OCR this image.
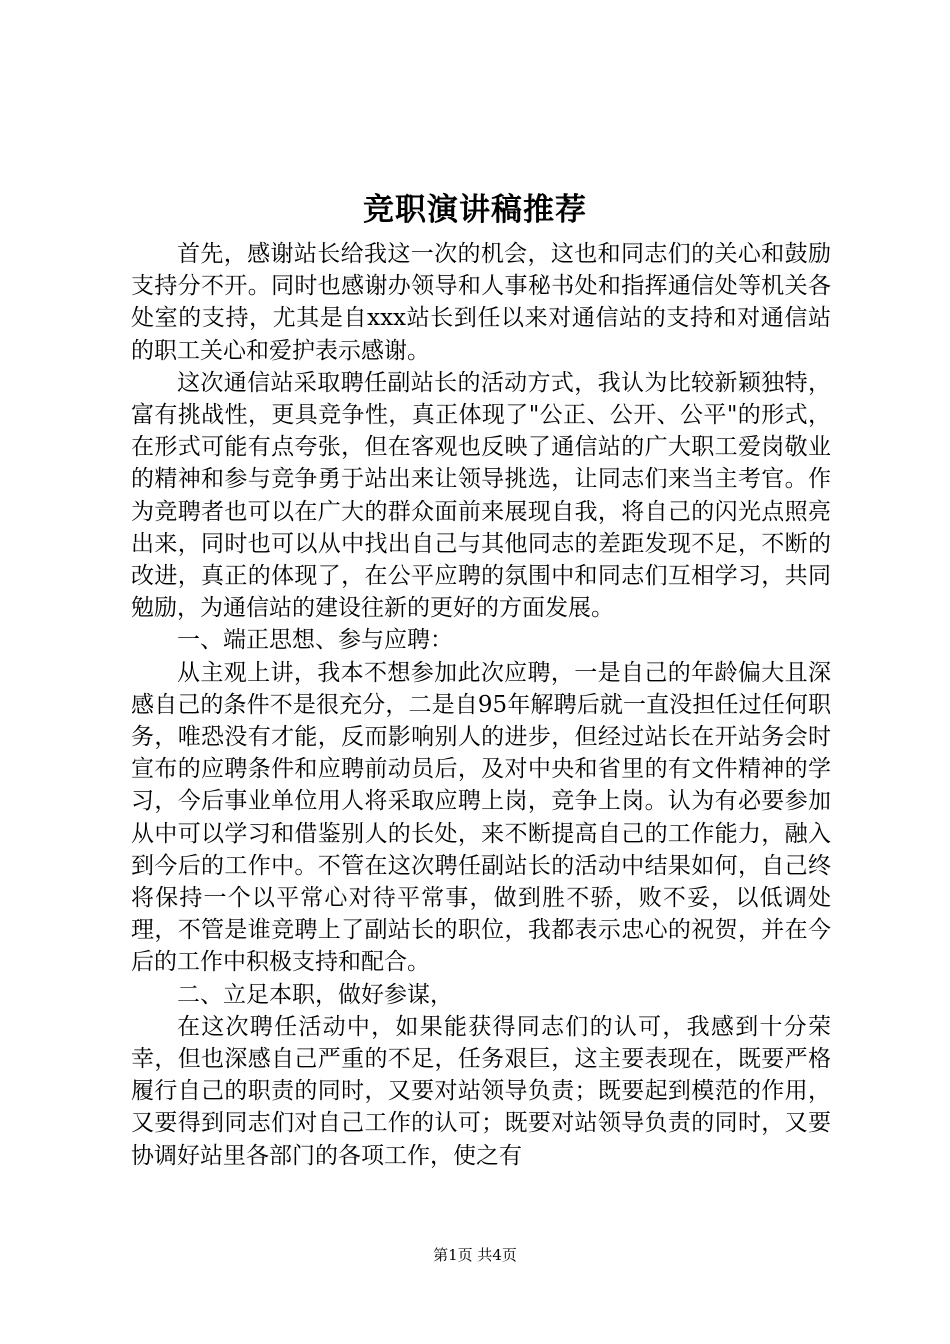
竞职演讲稿推荐

首先，感谢站长给我这一次的机会，这也和同志们的关心和鼓励支持分不开。同时也感谢办领导和人事秘书处和指挥通信处等机关各处室的支持，尤其是自xxx站长到任以来对通信站的支持和对通信站的职工关心和爱护表示感谢。

这次通信站采取聘任副站长的活动方式，我认为比较新颖独特，富有挑战性，更具竞争性，真正体现了"公正、公开、公平"的形式，在形式可能有点夸张，但在客观也反映了通信站的广大职工爱岗敬业的精神和参与竞争勇于站出来让领导挑选，让同志们来当主考官。作为竞聘者也可以在广大的群众面前来展现自我，将自己的闪光点照亮出来，同时也可以从中找出自己与其他同志的差距发现不足，不断的改进，真正的体现了，在公平应聘的氛围中和同志们互相学习，共同勉励，为通信站的建设往新的更好的方面发展。

一、端正思想、参与应聘：

从主观上讲，我本不想参加此次应聘，一是自己的年龄偏大且深感自己的条件不是很充分，二是自95年解聘后就一直没担任过任何职务，唯恐没有才能，反而影响别人的进步，但经过站长在开站务会时宣布的应聘条件和应聘前动员后，及对中央和省里的有文件精神的学习，今后事业单位用人将采取应聘上岗，竞争上岗。认为有必要参加从中可以学习和借鉴别人的长处，来不断提高自己的工作能力，融入到今后的工作中。不管在这次聘任副站长的活动中结果如何，自己终将保持一个以平常心对待平常事，做到胜不骄，败不妥，以低调处理，不管是谁竞聘上了副站长的职位，我都表示忠心的祝贺，并在今后的工作中积极支持和配合。

二、立足本职，做好参谋，

在这次聘任活动中，如果能获得同志们的认可，我感到十分荣幸，但也深感自己严重的不足，任务艰巨，这主要表现在，既要严格履行自己的职责的同时，又要对站领导负责；既要起到模范的作用，又要得到同志们对自己工作的认可；既要对站领导负责的同时，又要协调好站里各部门的各项工作，使之有

第1页 共4页
